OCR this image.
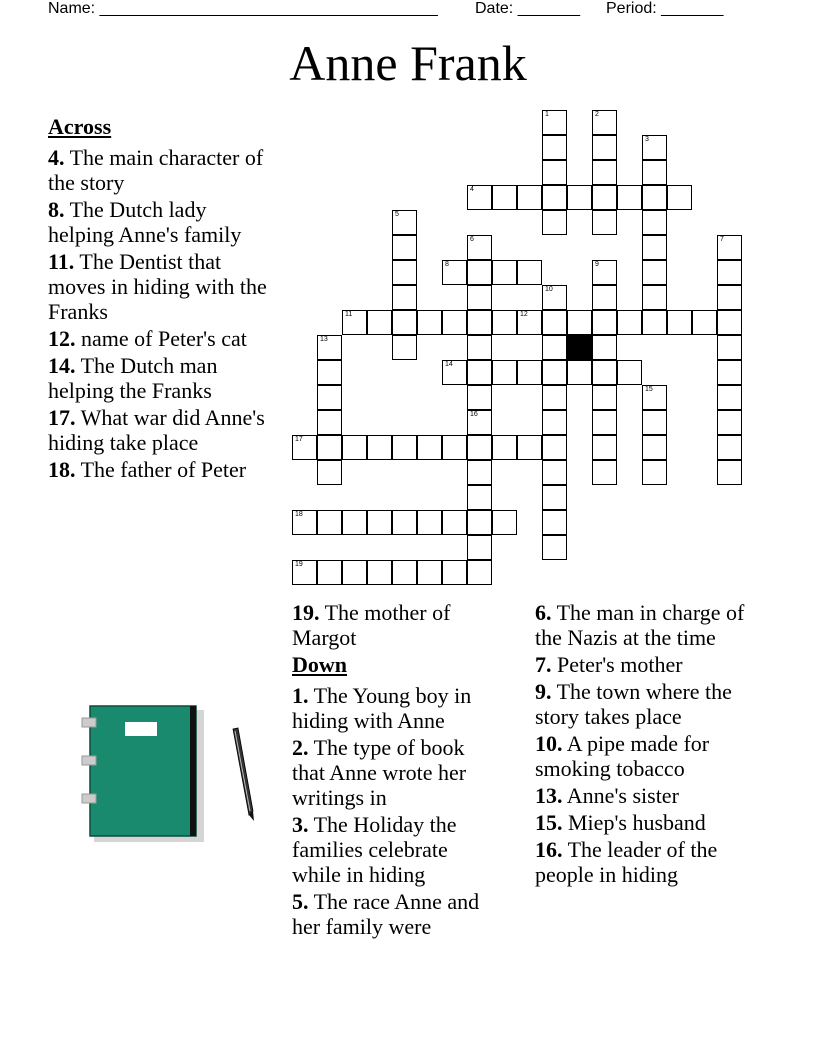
Name: ______________________________________ Date: _______ Period: _______
Anne Frank
1	2
3
4
5
6
16
7
8	9
10
11	12
13
14
15
17
18
19
Across
4. The main character of the story
8. The Dutch lady helping Anne's family
11. The Dentist that moves in hiding with the Franks
12. name of Peter's cat
14. The Dutch man helping the Franks
17. What war did Anne's hiding take place
18. The father of Peter
19. The mother of Margot
Down
1. The Young boy in hiding with Anne
2. The type of book that Anne wrote her writings in
3. The Holiday the families celebrate while in hiding
5. The race Anne and her family were
6. The man in charge of the Nazis at the time
7. Peter's mother
9. The town where the story takes place
10. A pipe made for smoking tobacco
13. Anne's sister
15. Miep's husband
16. The leader of the people in hiding
